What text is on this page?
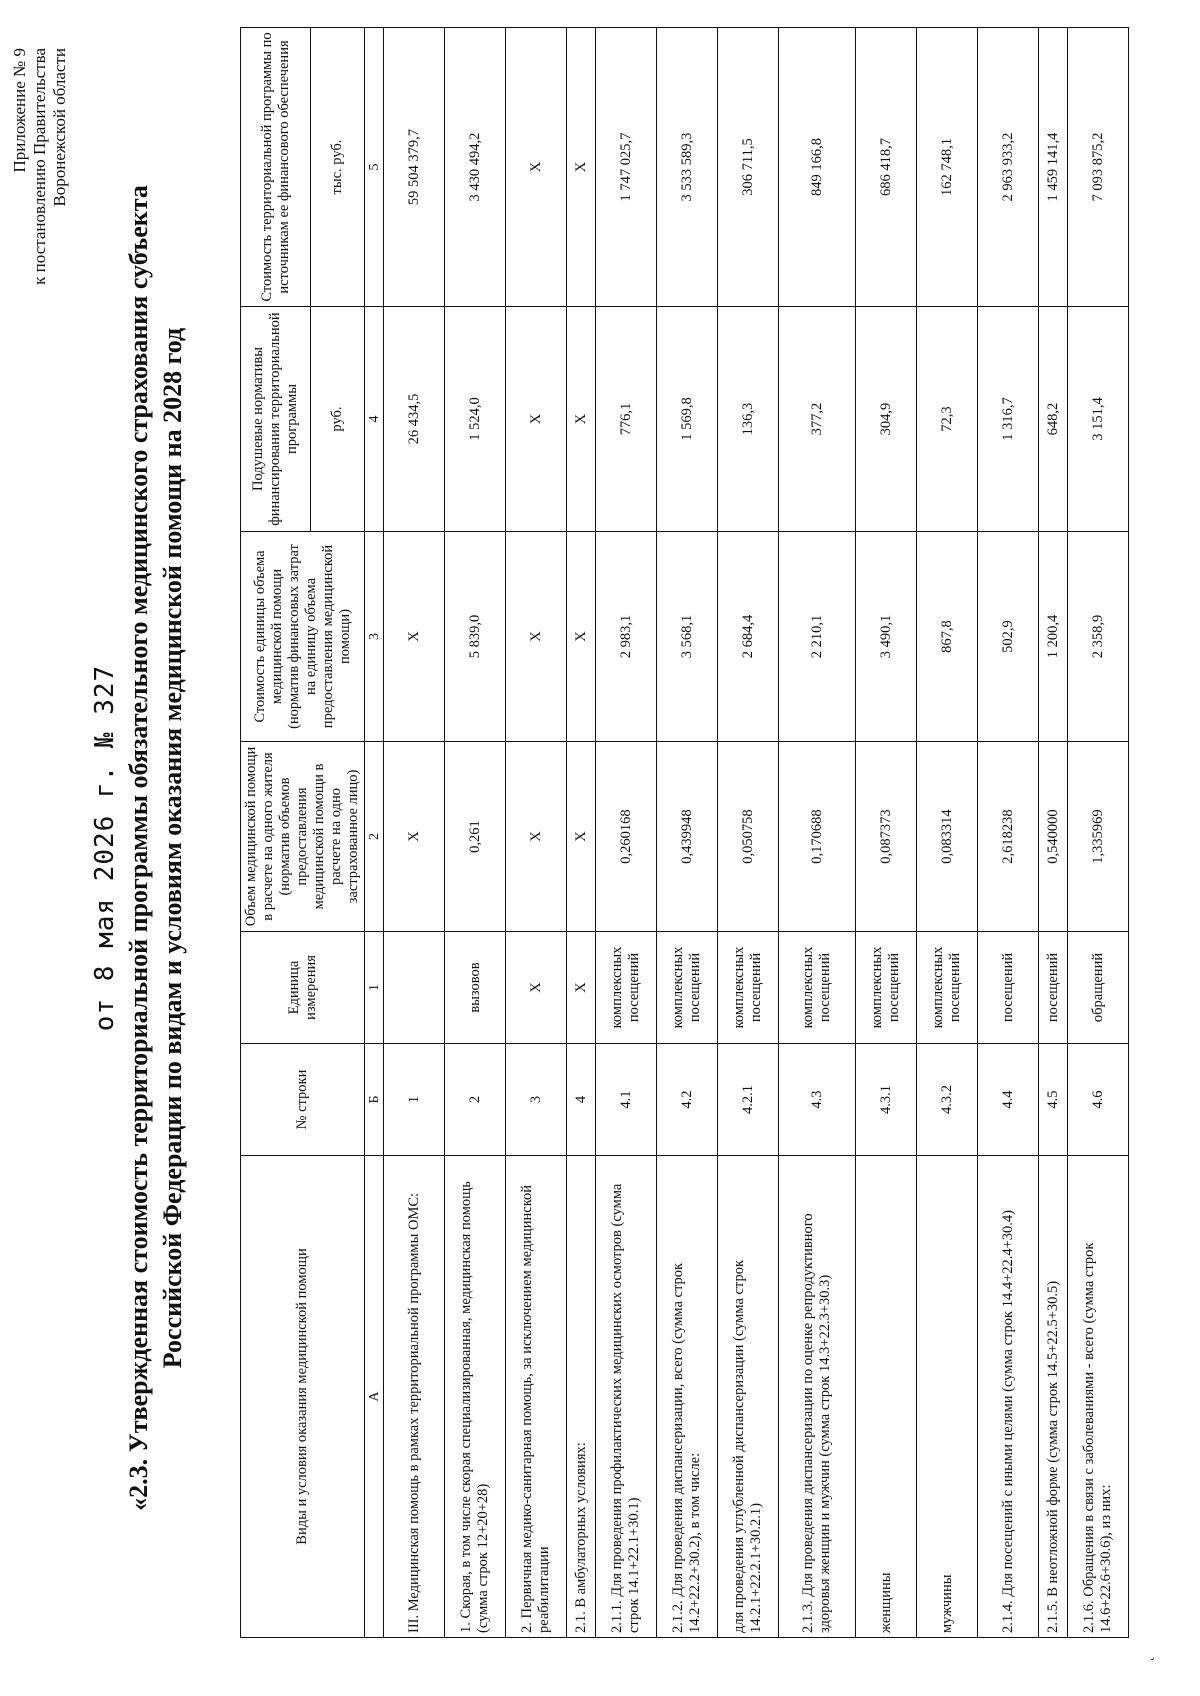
Приложение № 9 к постановлению Правительства Воронежской области
от 8 мая 2026 г. № 327 «2.3. Утвержденная стоимость территориальной программы обязательного медицинского страхования субъекта Российской Федерации по видам и условиям оказания медицинской помощи на 2028 год
Виды и условия оказания медицинской помощи	№ строки	Единица измерения	Объем медицинской помощи в расчете на одного жителя (норматив объемов предоставления медицинской помощи в расчете на одно застрахованное лицо)	Стоимость единицы объема медицинской помощи (норматив финансовых затрат на единицу объема предоставления медицинской помощи)	Подушевые нормативы финансирования территориальной программы	Стоимость территориальной программы по источникам ее финансового обеспечения
					руб.	тыс. руб.
А	Б	1	2	3	4	5
III. Медицинская помощь в рамках территориальной программы ОМС:	1		X	X	26 434,5	59 504 379,7
1. Скорая, в том числе скорая специализированная, медицинская помощь (сумма строк 12+20+28)	2	вызовов	0,261	5 839,0	1 524,0	3 430 494,2
2. Первичная медико-санитарная помощь, за исключением медицинской реабилитации	3	X	X	X	X	X
2.1. В амбулаторных условиях:	4	X	X	X	X	X
2.1.1. Для проведения профилактических медицинских осмотров (сумма строк 14.1+22.1+30.1)	4.1	комплексных посещений	0,260168	2 983,1	776,1	1 747 025,7
2.1.2. Для проведения диспансеризации, всего (сумма строк 14.2+22.2+30.2), в том числе:	4.2	комплексных посещений	0,439948	3 568,1	1 569,8	3 533 589,3
для проведения углубленной диспансеризации (сумма строк 14.2.1+22.2.1+30.2.1)	4.2.1	комплексных посещений	0,050758	2 684,4	136,3	306 711,5
2.1.3. Для проведения диспансеризации по оценке репродуктивного здоровья женщин и мужчин (сумма строк 14.3+22.3+30.3)	4.3	комплексных посещений	0,170688	2 210,1	377,2	849 166,8
женщины	4.3.1	комплексных посещений	0,087373	3 490,1	304,9	686 418,7
мужчины	4.3.2	комплексных посещений	0,083314	867,8	72,3	162 748,1
2.1.4. Для посещений с иными целями (сумма строк 14.4+22.4+30.4)	4.4	посещений	2,618238	502,9	1 316,7	2 963 933,2
2.1.5. В неотложной форме (сумма строк 14.5+22.5+30.5)	4.5	посещений	0,540000	1 200,4	648,2	1 459 141,4
2.1.6. Обращения в связи с заболеваниями - всего (сумма строк 14.6+22.6+30.6), из них:	4.6	обращений	1,335969	2 358,9	3 151,4	7 093 875,2
˛
